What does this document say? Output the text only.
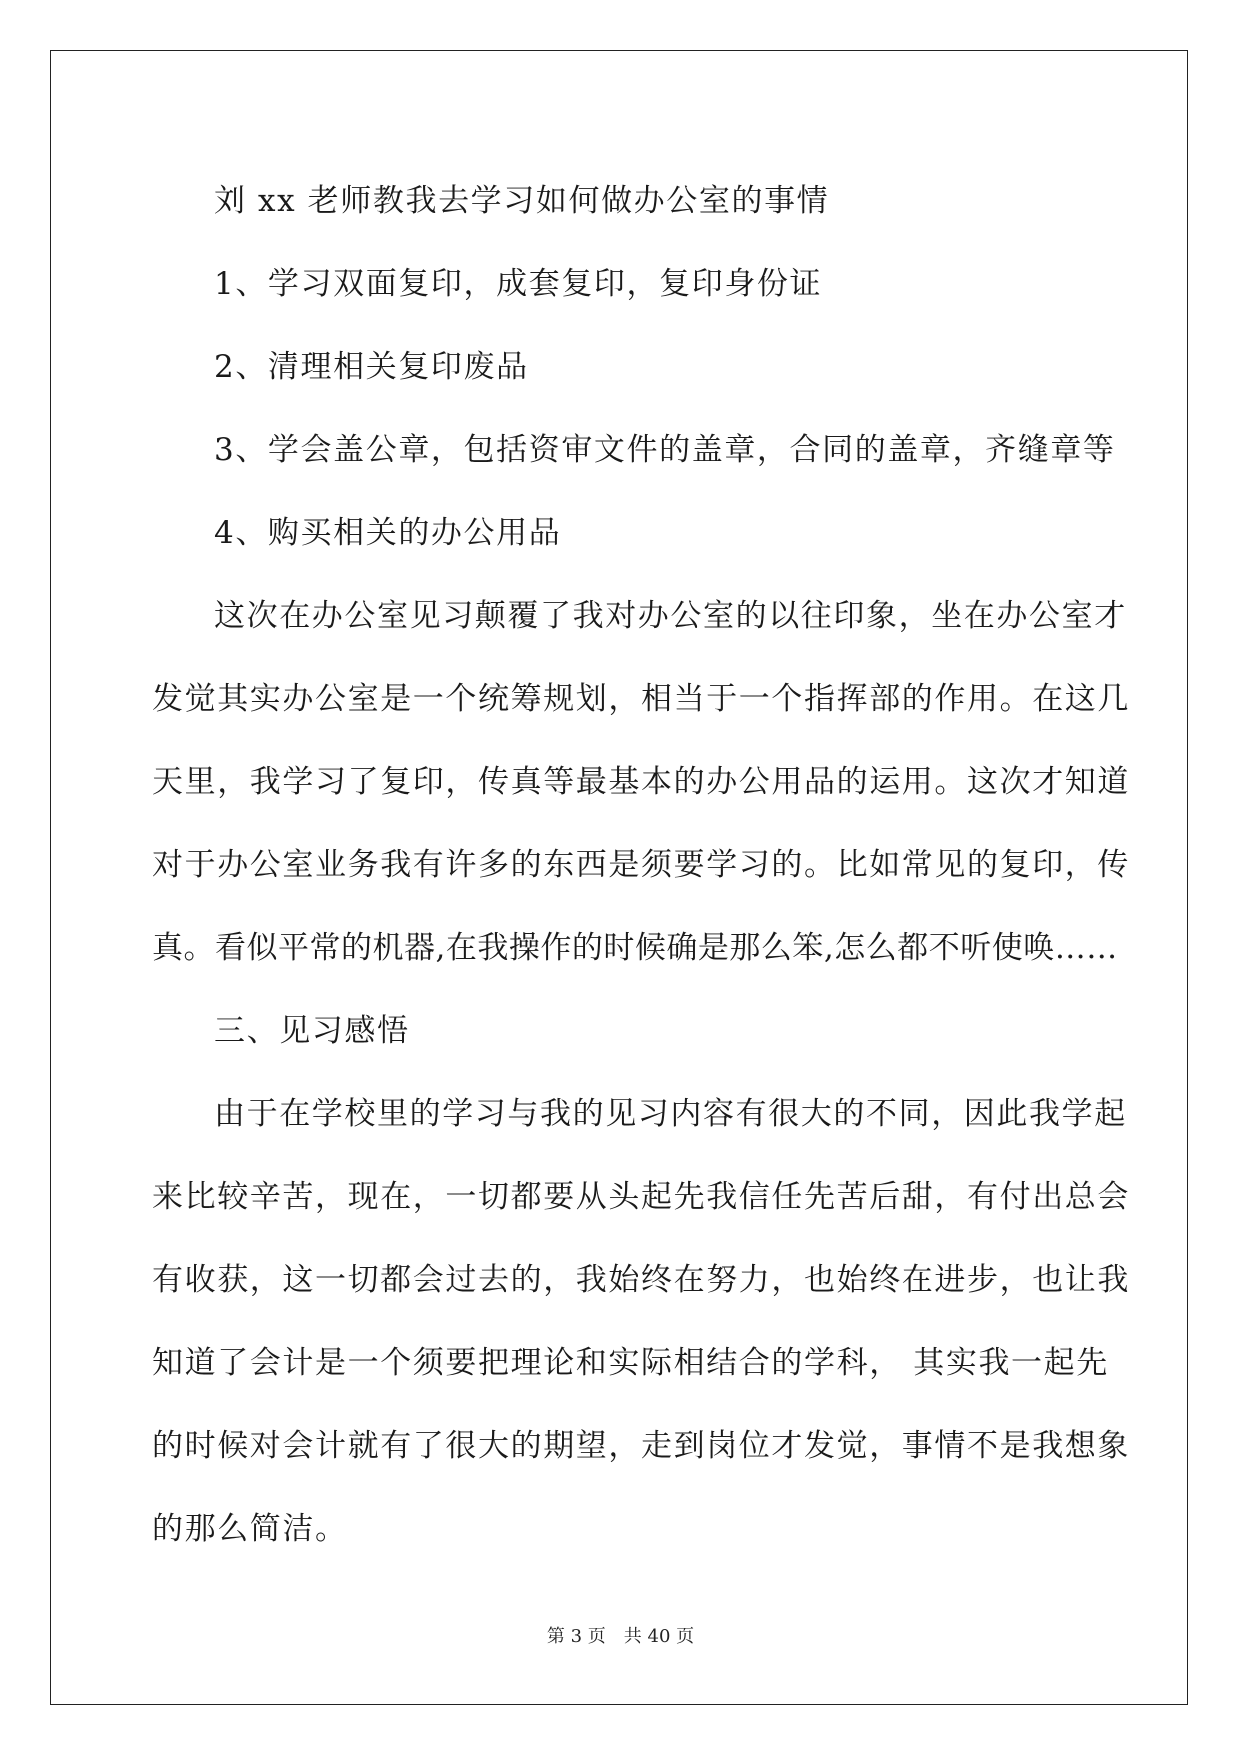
刘 xx 老师教我去学习如何做办公室的事情

1、学习双面复印，成套复印，复印身份证

2、清理相关复印废品

3、学会盖公章，包括资审文件的盖章，合同的盖章，齐缝章等

4、购买相关的办公用品

这次在办公室见习颠覆了我对办公室的以往印象，坐在办公室才

发觉其实办公室是一个统筹规划，相当于一个指挥部的作用。在这几

天里，我学习了复印，传真等最基本的办公用品的运用。这次才知道

对于办公室业务我有许多的东西是须要学习的。比如常见的复印，传

真。看似平常的机器,在我操作的时候确是那么笨,怎么都不听使唤……

三、见习感悟

由于在学校里的学习与我的见习内容有很大的不同，因此我学起

来比较辛苦，现在，一切都要从头起先我信任先苦后甜，有付出总会

有收获，这一切都会过去的，我始终在努力，也始终在进步，也让我

知道了会计是一个须要把理论和实际相结合的学科， 其实我一起先

的时候对会计就有了很大的期望，走到岗位才发觉，事情不是我想象

的那么简洁。

第 3 页 共 40 页
